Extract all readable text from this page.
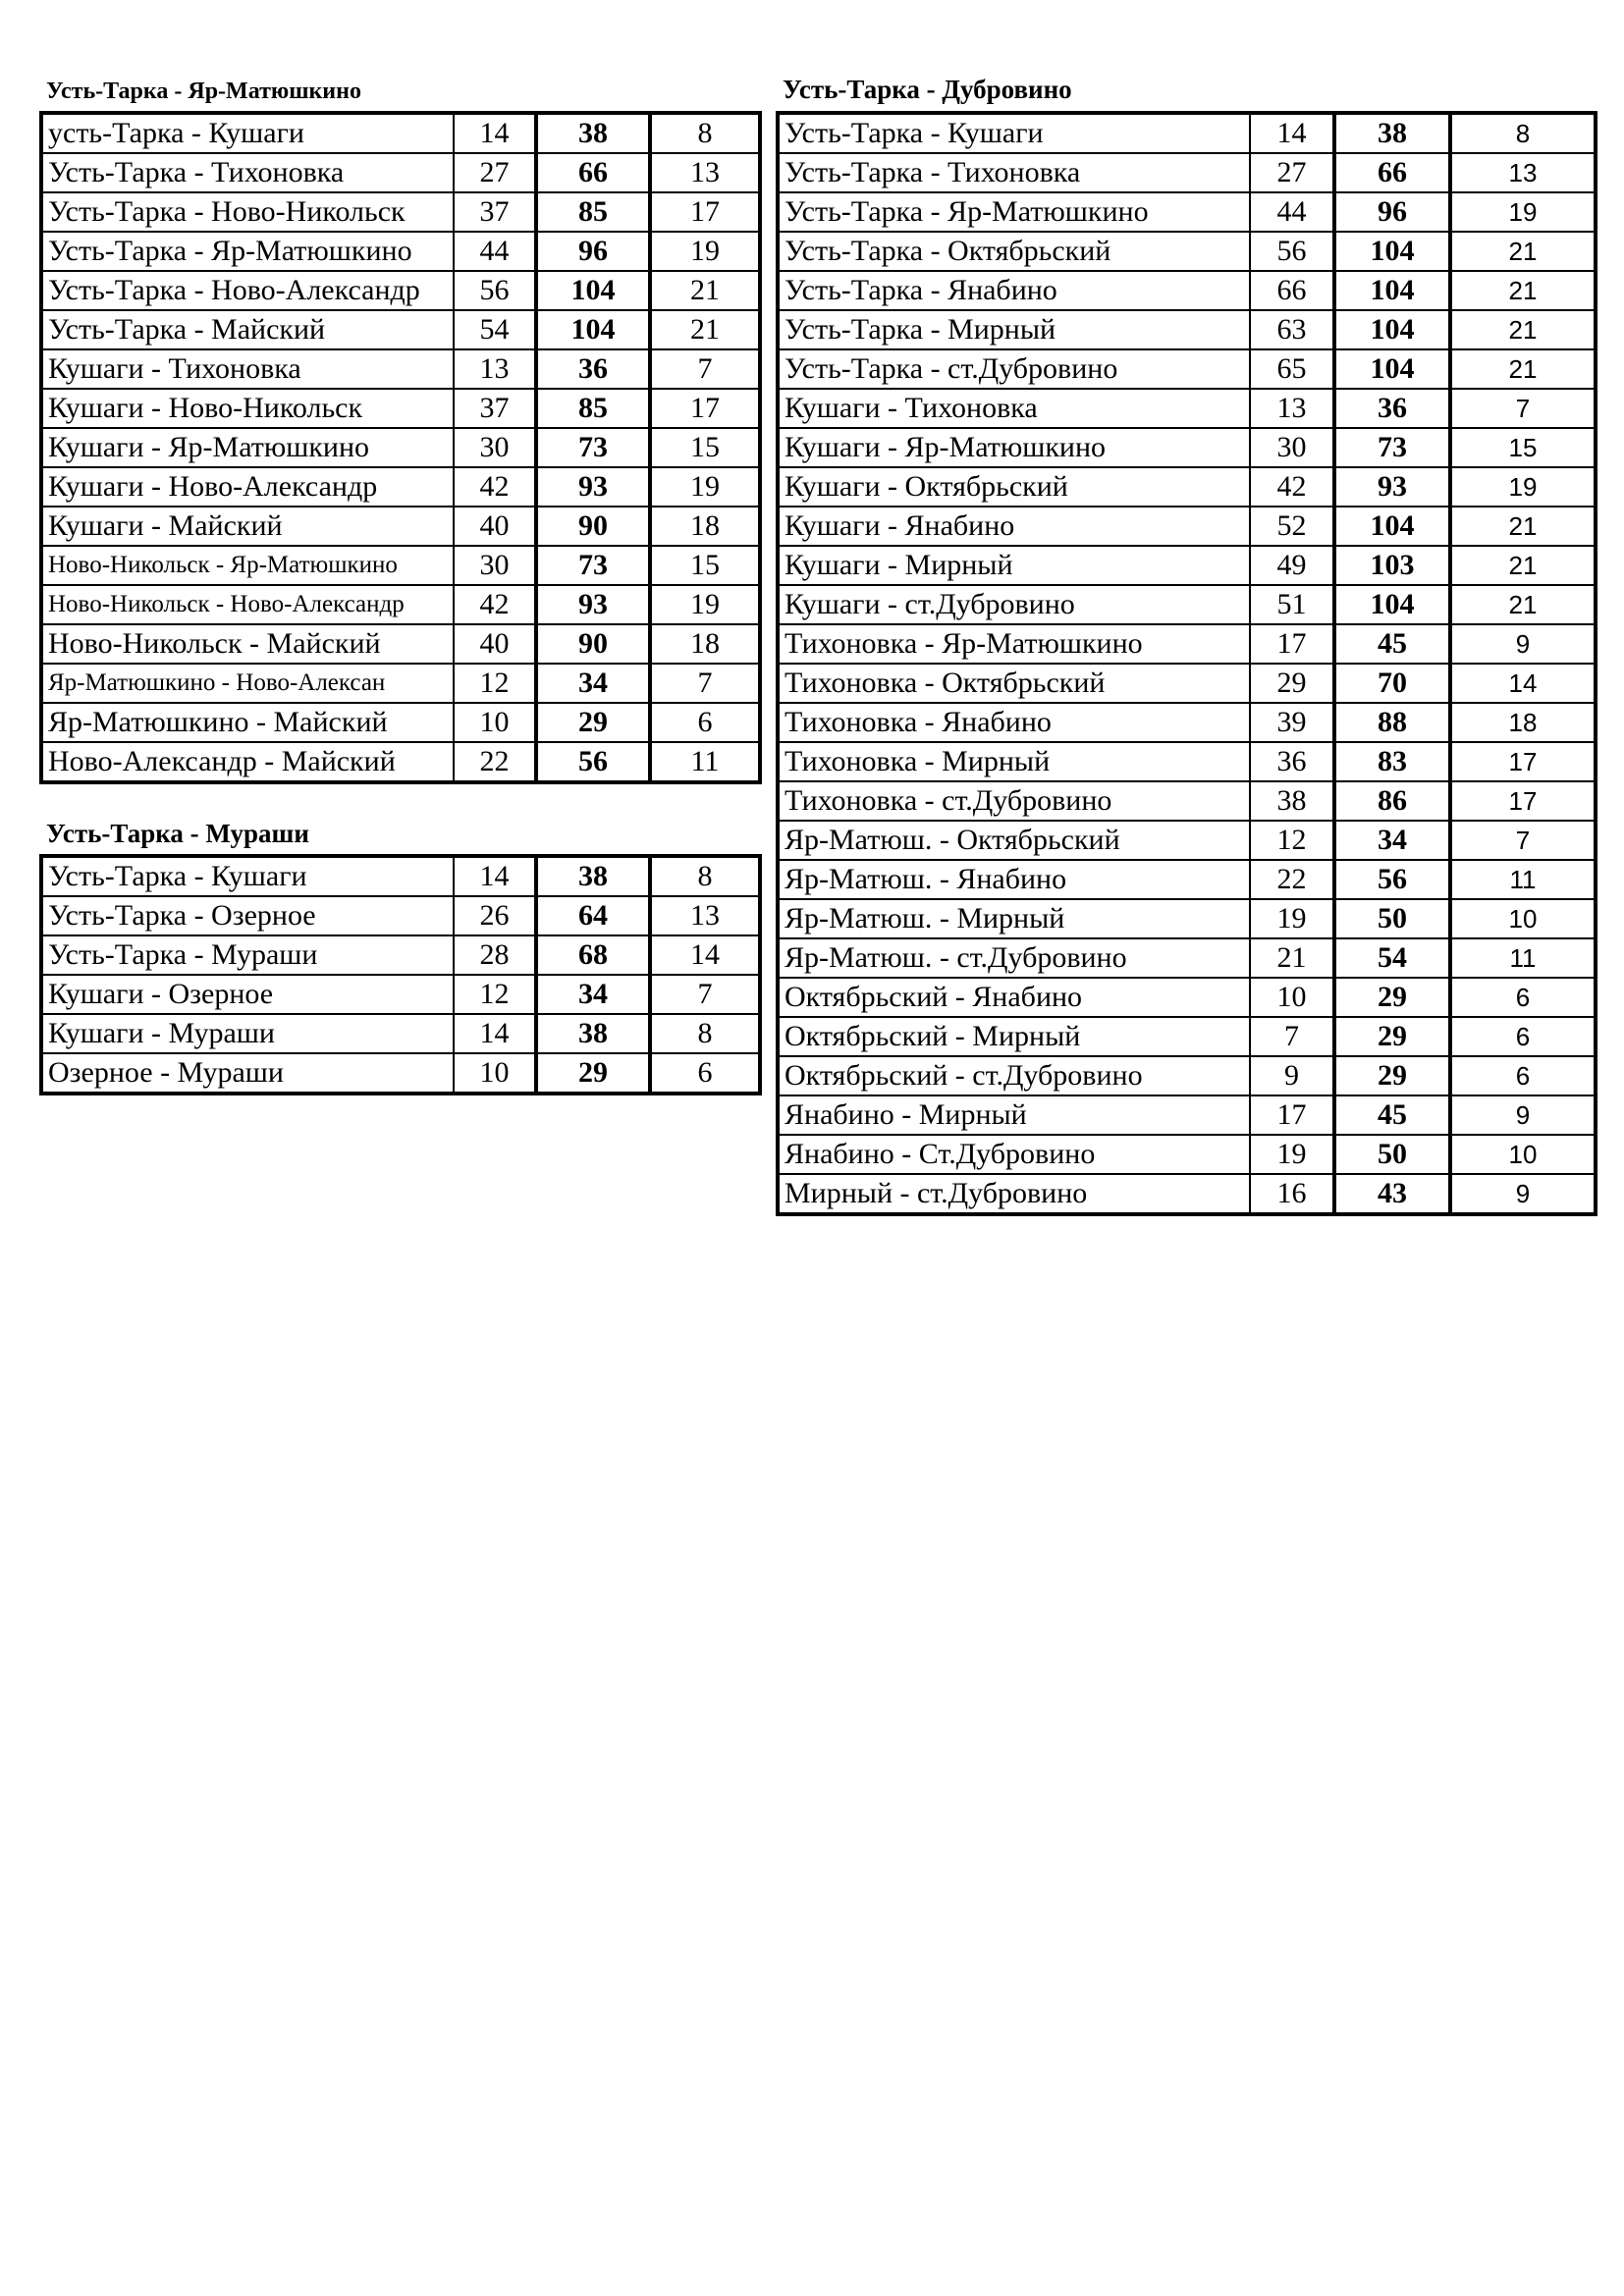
Усть-Тарка - Яр-Матюшкино
усть-Тарка - Кушаги	14	38	8
Усть-Тарка - Тихоновка	27	66	13
Усть-Тарка - Ново-Никольск	37	85	17
Усть-Тарка - Яр-Матюшкино	44	96	19
Усть-Тарка - Ново-Александр	56	104	21
Усть-Тарка - Майский	54	104	21
Кушаги - Тихоновка	13	36	7
Кушаги - Ново-Никольск	37	85	17
Кушаги - Яр-Матюшкино	30	73	15
Кушаги - Ново-Александр	42	93	19
Кушаги - Майский	40	90	18
Ново-Никольск - Яр-Матюшкино	30	73	15
Ново-Никольск - Ново-Александр	42	93	19
Ново-Никольск - Майский	40	90	18
Яр-Матюшкино - Ново-Алексан	12	34	7
Яр-Матюшкино - Майский	10	29	6
Ново-Александр - Майский	22	56	11
Усть-Тарка - Мураши
Усть-Тарка - Кушаги	14	38	8
Усть-Тарка - Озерное	26	64	13
Усть-Тарка - Мураши	28	68	14
Кушаги - Озерное	12	34	7
Кушаги - Мураши	14	38	8
Озерное - Мураши	10	29	6
Усть-Тарка - Дубровино
Усть-Тарка - Кушаги	14	38	8
Усть-Тарка - Тихоновка	27	66	13
Усть-Тарка - Яр-Матюшкино	44	96	19
Усть-Тарка - Октябрьский	56	104	21
Усть-Тарка - Янабино	66	104	21
Усть-Тарка - Мирный	63	104	21
Усть-Тарка - ст.Дубровино	65	104	21
Кушаги - Тихоновка	13	36	7
Кушаги - Яр-Матюшкино	30	73	15
Кушаги - Октябрьский	42	93	19
Кушаги - Янабино	52	104	21
Кушаги - Мирный	49	103	21
Кушаги - ст.Дубровино	51	104	21
Тихоновка - Яр-Матюшкино	17	45	9
Тихоновка - Октябрьский	29	70	14
Тихоновка - Янабино	39	88	18
Тихоновка - Мирный	36	83	17
Тихоновка - ст.Дубровино	38	86	17
Яр-Матюш. - Октябрьский	12	34	7
Яр-Матюш. - Янабино	22	56	11
Яр-Матюш. - Мирный	19	50	10
Яр-Матюш. - ст.Дубровино	21	54	11
Октябрьский - Янабино	10	29	6
Октябрьский - Мирный	7	29	6
Октябрьский - ст.Дубровино	9	29	6
Янабино - Мирный	17	45	9
Янабино - Ст.Дубровино	19	50	10
Мирный - ст.Дубровино	16	43	9
